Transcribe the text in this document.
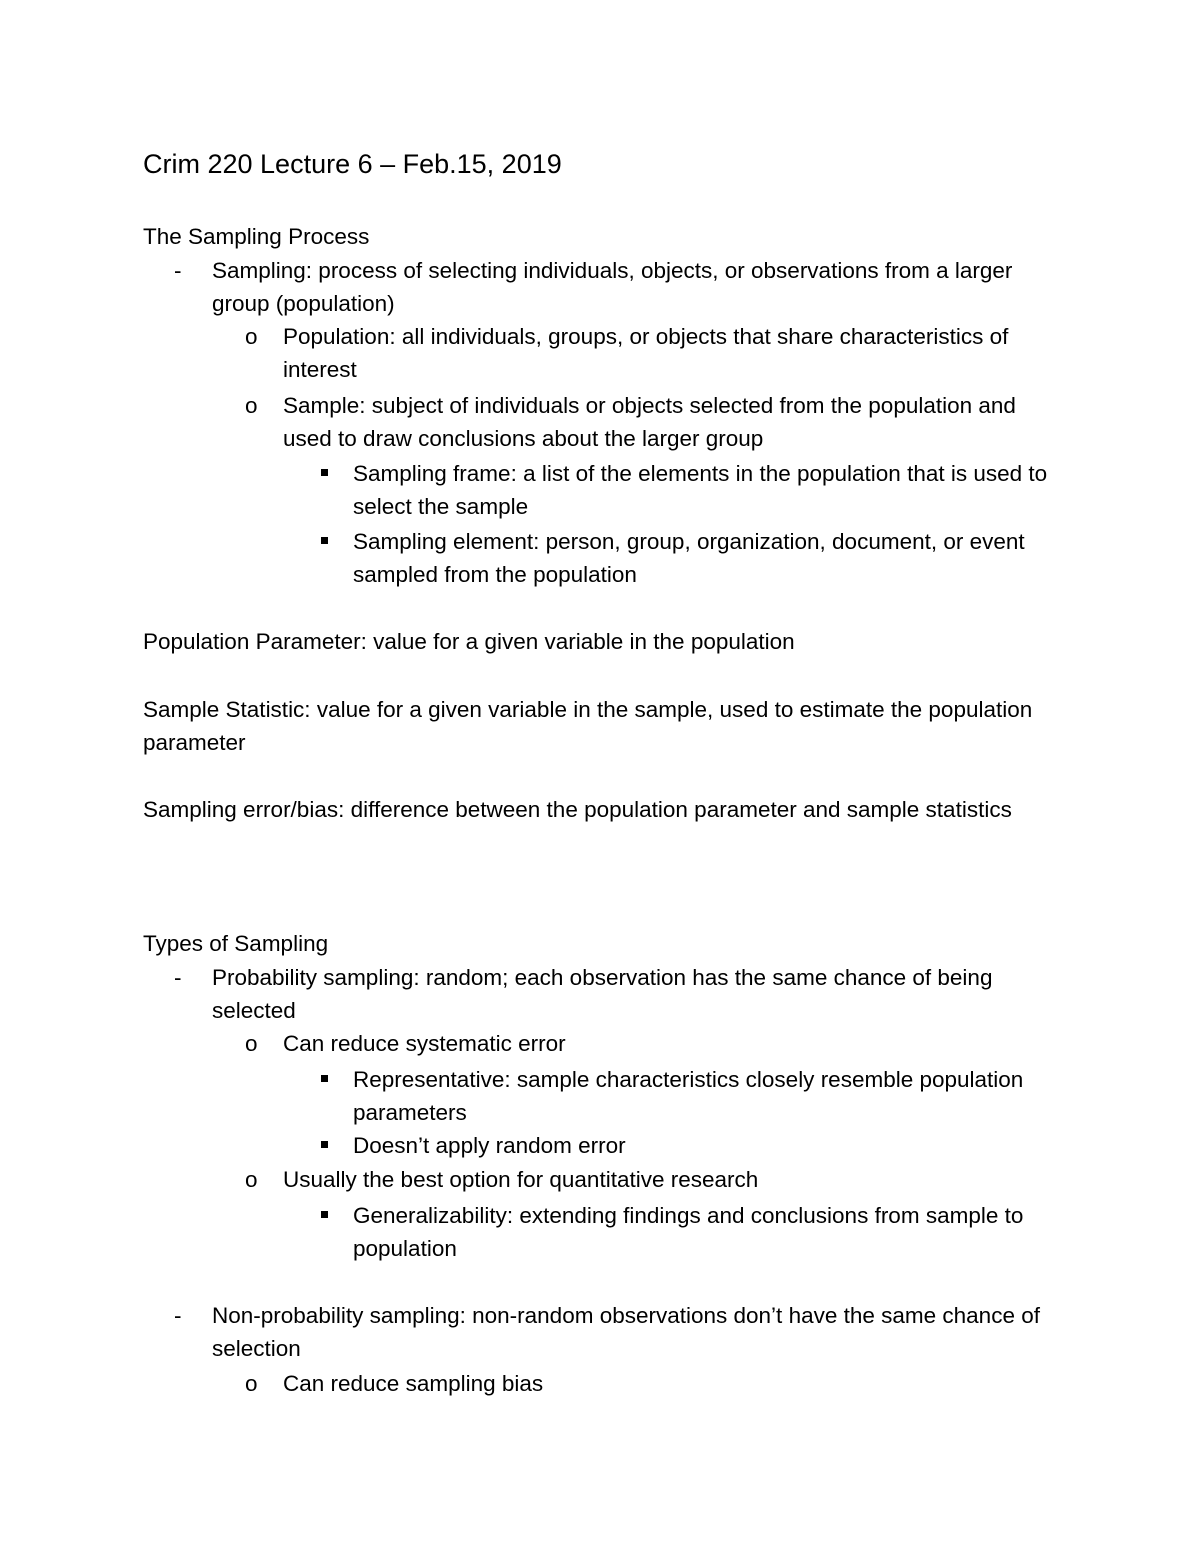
Crim 220 Lecture 6 – Feb.15, 2019
The Sampling Process
- Sampling: process of selecting individuals, objects, or observations from a larger group (population)
o Population: all individuals, groups, or objects that share characteristics of interest
o Sample: subject of individuals or objects selected from the population and used to draw conclusions about the larger group
Sampling frame: a list of the elements in the population that is used to select the sample
Sampling element: person, group, organization, document, or event sampled from the population
Population Parameter: value for a given variable in the population
Sample Statistic: value for a given variable in the sample, used to estimate the population parameter
Sampling error/bias: difference between the population parameter and sample statistics
Types of Sampling
- Probability sampling: random; each observation has the same chance of being selected
o Can reduce systematic error
Representative: sample characteristics closely resemble population parameters
Doesn’t apply random error
o Usually the best option for quantitative research
Generalizability: extending findings and conclusions from sample to population
- Non-probability sampling: non-random observations don’t have the same chance of selection
o Can reduce sampling bias
